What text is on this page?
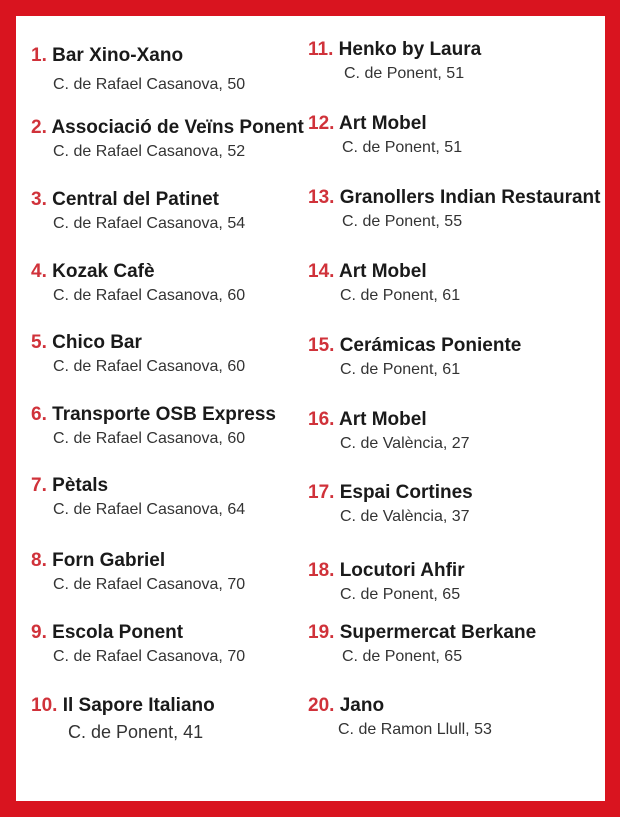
1. Bar Xino-Xano
C. de Rafael Casanova, 50
2. Associació de Veïns Ponent
C. de Rafael Casanova, 52
3. Central del Patinet
C. de Rafael Casanova, 54
4. Kozak Cafè
C. de Rafael Casanova, 60
5. Chico Bar
C. de Rafael Casanova, 60
6. Transporte OSB Express
C. de Rafael Casanova, 60
7. Pètals
C. de Rafael Casanova, 64
8. Forn Gabriel
C. de Rafael Casanova, 70
9. Escola Ponent
C. de Rafael Casanova, 70
10. Il Sapore Italiano
C. de Ponent, 41
11. Henko by Laura
C. de Ponent, 51
12. Art Mobel
C. de Ponent, 51
13. Granollers Indian Restaurant
C. de Ponent, 55
14. Art Mobel
C. de Ponent, 61
15. Cerámicas Poniente
C. de Ponent, 61
16. Art Mobel
C. de València, 27
17. Espai Cortines
C. de València, 37
18. Locutori Ahfir
C. de Ponent, 65
19. Supermercat Berkane
C. de Ponent, 65
20. Jano
C. de Ramon Llull, 53
